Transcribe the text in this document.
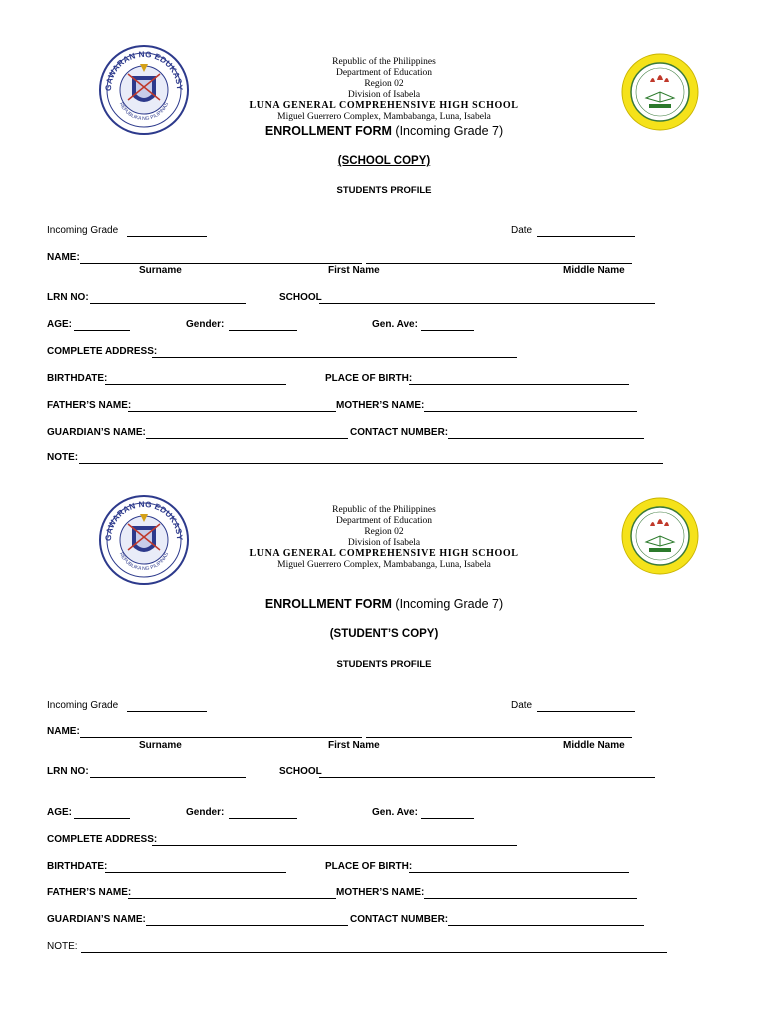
Republic of the Philippines
Department of Education
Region 02
Division of Isabela
LUNA GENERAL COMPREHENSIVE HIGH SCHOOL
Miguel Guerrero Complex, Mambabanga, Luna, Isabela
ENROLLMENT FORM (Incoming Grade 7)
(SCHOOL COPY)
STUDENTS PROFILE
Incoming Grade	Date
NAME:
Surname	First Name	Middle Name
LRN NO:	SCHOOL
AGE:	Gender:	Gen. Ave:
COMPLETE ADDRESS:
BIRTHDATE:	PLACE OF BIRTH:
FATHER’S NAME:	MOTHER’S NAME:
GUARDIAN’S NAME:	CONTACT NUMBER:
NOTE:
Republic of the Philippines
Department of Education
Region 02
Division of Isabela
LUNA GENERAL COMPREHENSIVE HIGH SCHOOL
Miguel Guerrero Complex, Mambabanga, Luna, Isabela
ENROLLMENT FORM (Incoming Grade 7)
(STUDENT’S COPY)
STUDENTS PROFILE
Incoming Grade	Date
NAME:
Surname	First Name	Middle Name
LRN NO:	SCHOOL
AGE:	Gender:	Gen. Ave:
COMPLETE ADDRESS:
BIRTHDATE:	PLACE OF BIRTH:
FATHER’S NAME:	MOTHER’S NAME:
GUARDIAN’S NAME:	CONTACT NUMBER:
NOTE:
